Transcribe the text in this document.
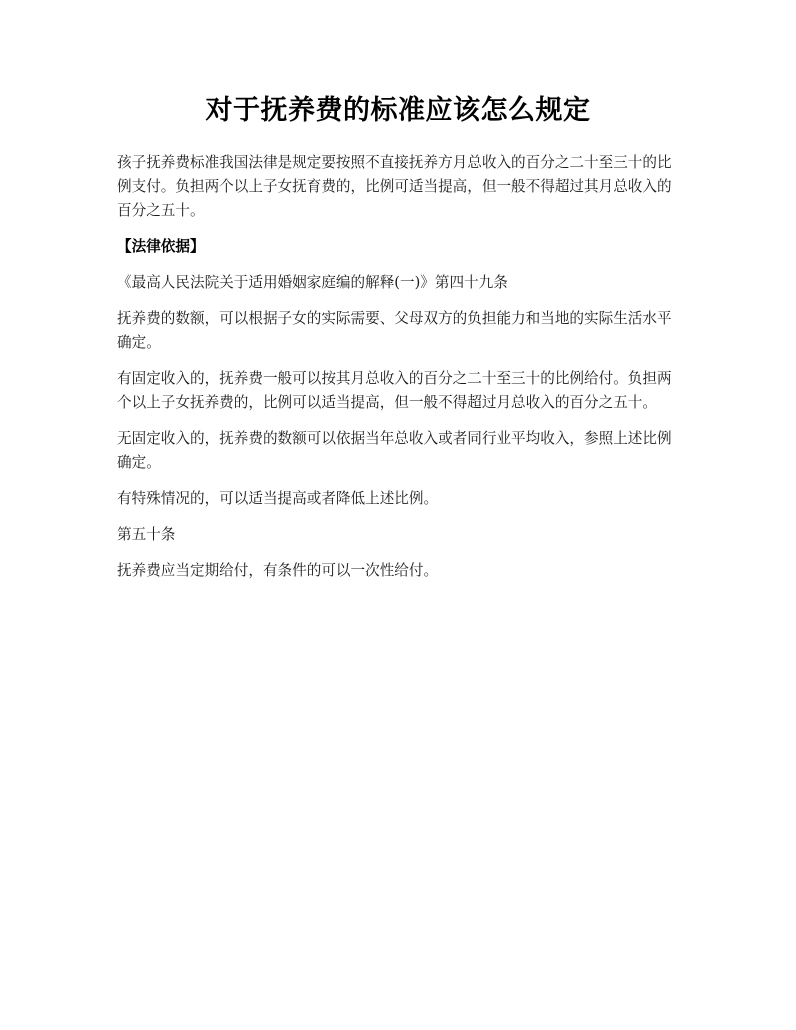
对于抚养费的标准应该怎么规定

孩子抚养费标准我国法律是规定要按照不直接抚养方月总收入的百分之二十至三十的比例支付。负担两个以上子女抚育费的，比例可适当提高，但一般不得超过其月总收入的百分之五十。

【法律依据】

《最高人民法院关于适用婚姻家庭编的解释(一)》第四十九条

抚养费的数额，可以根据子女的实际需要、父母双方的负担能力和当地的实际生活水平确定。

有固定收入的，抚养费一般可以按其月总收入的百分之二十至三十的比例给付。负担两个以上子女抚养费的，比例可以适当提高，但一般不得超过月总收入的百分之五十。

无固定收入的，抚养费的数额可以依据当年总收入或者同行业平均收入，参照上述比例确定。

有特殊情况的，可以适当提高或者降低上述比例。

第五十条

抚养费应当定期给付，有条件的可以一次性给付。
